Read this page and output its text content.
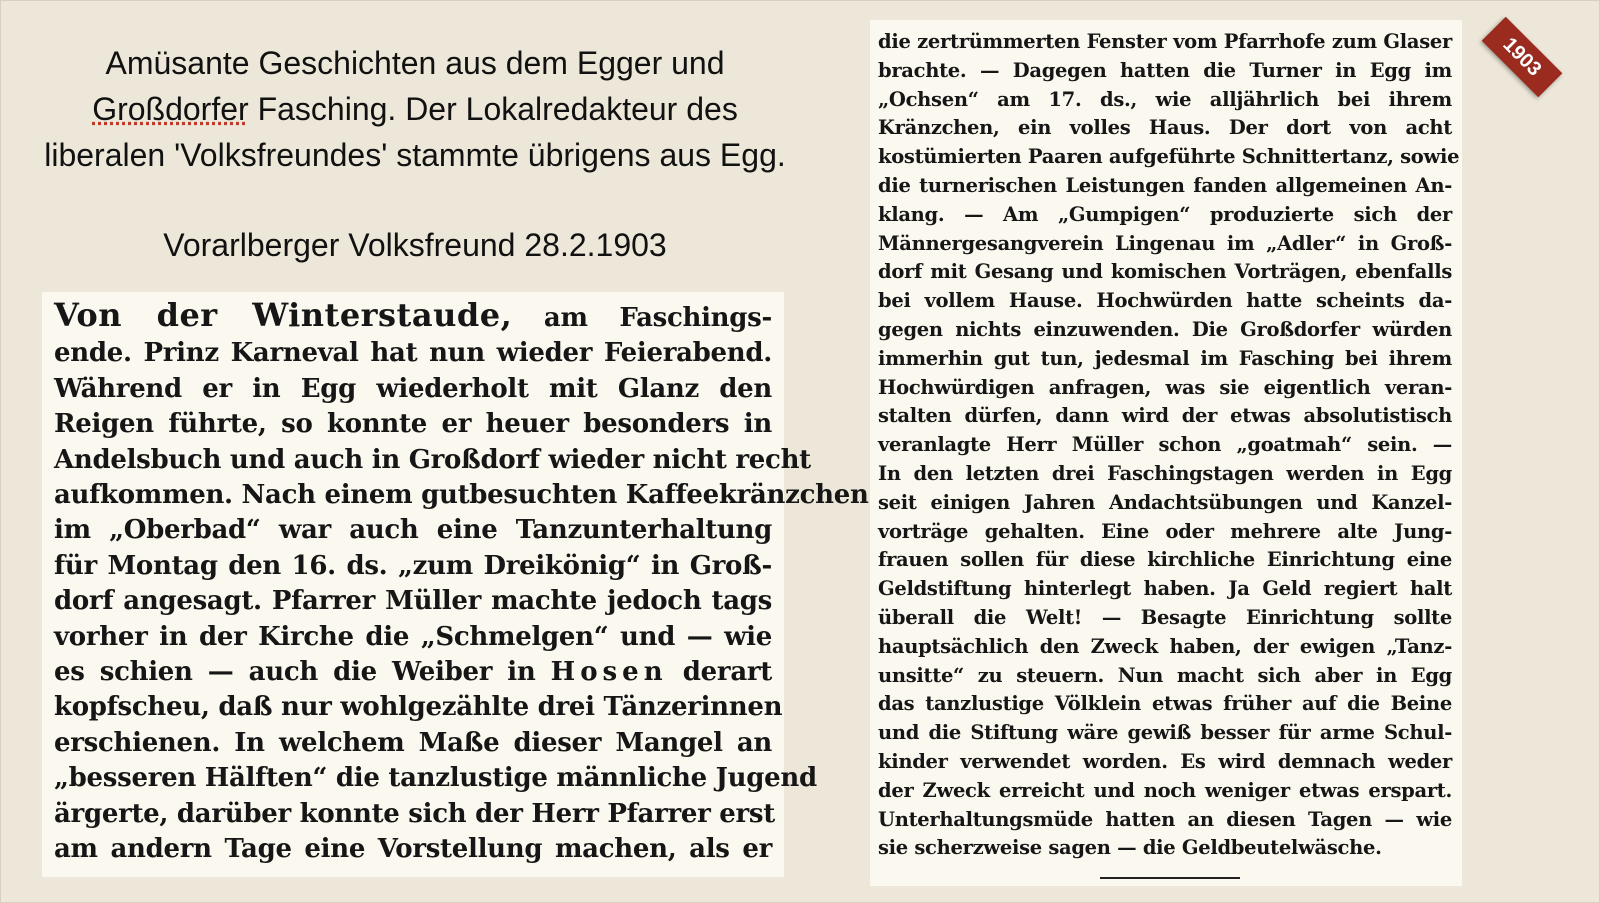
Amüsante Geschichten aus dem Egger und
Großdorfer Fasching. Der Lokalredakteur des
liberalen 'Volksfreundes' stammte übrigens aus Egg.
Vorarlberger Volksfreund 28.2.1903
Von der Winterstaude, am Faschings-
ende. Prinz Karneval hat nun wieder Feierabend.
Während er in Egg wiederholt mit Glanz den
Reigen führte, so konnte er heuer besonders in
Andelsbuch und auch in Großdorf wieder nicht recht
aufkommen. Nach einem gutbesuchten Kaffeekränzchen
im „Oberbad“ war auch eine Tanzunterhaltung
für Montag den 16. ds. „zum Dreikönig“ in Groß-
dorf angesagt. Pfarrer Müller machte jedoch tags
vorher in der Kirche die „Schmelgen“ und — wie
es schien — auch die Weiber in Hosen derart
kopfscheu, daß nur wohlgezählte drei Tänzerinnen
erschienen. In welchem Maße dieser Mangel an
„besseren Hälften“ die tanzlustige männliche Jugend
ärgerte, darüber konnte sich der Herr Pfarrer erst
am andern Tage eine Vorstellung machen, als er
die zertrümmerten Fenster vom Pfarrhofe zum Glaser
brachte. — Dagegen hatten die Turner in Egg im
„Ochsen“ am 17. ds., wie alljährlich bei ihrem
Kränzchen, ein volles Haus. Der dort von acht
kostümierten Paaren aufgeführte Schnittertanz, sowie
die turnerischen Leistungen fanden allgemeinen An-
klang. — Am „Gumpigen“ produzierte sich der
Männergesangverein Lingenau im „Adler“ in Groß-
dorf mit Gesang und komischen Vorträgen, ebenfalls
bei vollem Hause. Hochwürden hatte scheints da-
gegen nichts einzuwenden. Die Großdorfer würden
immerhin gut tun, jedesmal im Fasching bei ihrem
Hochwürdigen anfragen, was sie eigentlich veran-
stalten dürfen, dann wird der etwas absolutistisch
veranlagte Herr Müller schon „goatmah“ sein. —
In den letzten drei Faschingstagen werden in Egg
seit einigen Jahren Andachtsübungen und Kanzel-
vorträge gehalten. Eine oder mehrere alte Jung-
frauen sollen für diese kirchliche Einrichtung eine
Geldstiftung hinterlegt haben. Ja Geld regiert halt
überall die Welt! — Besagte Einrichtung sollte
hauptsächlich den Zweck haben, der ewigen „Tanz-
unsitte“ zu steuern. Nun macht sich aber in Egg
das tanzlustige Völklein etwas früher auf die Beine
und die Stiftung wäre gewiß besser für arme Schul-
kinder verwendet worden. Es wird demnach weder
der Zweck erreicht und noch weniger etwas erspart.
Unterhaltungsmüde hatten an diesen Tagen — wie
sie scherzweise sagen — die Geldbeutelwäsche.
1903
